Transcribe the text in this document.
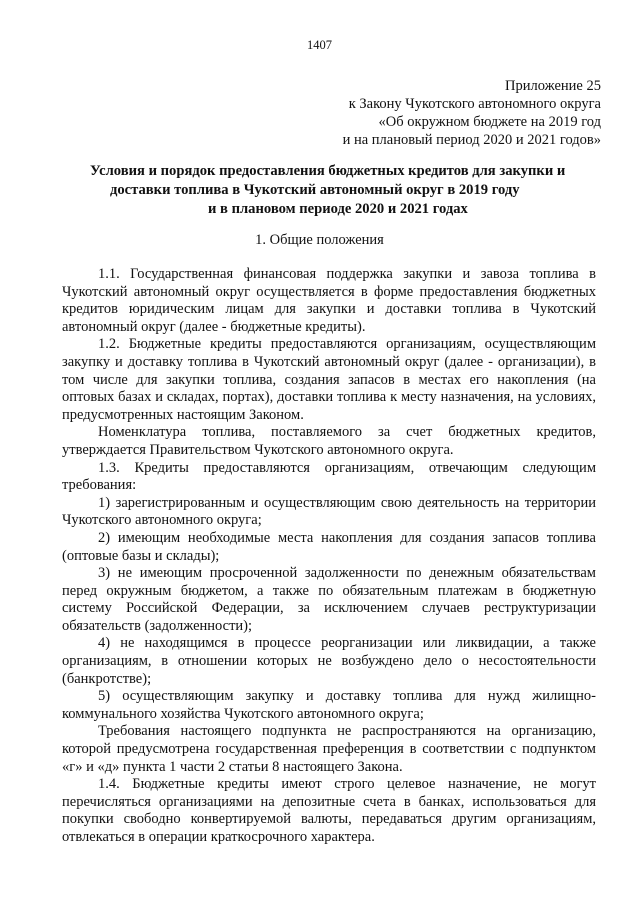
1407
Приложение 25
к Закону Чукотского автономного округа
«Об окружном бюджете на 2019 год
и на плановый период 2020 и 2021 годов»
Условия и порядок предоставления бюджетных кредитов для закупки и
доставки топлива в Чукотский автономный округ в 2019 году
и в плановом периоде 2020 и 2021 годах
1. Общие положения

1.1. Государственная финансовая поддержка закупки и завоза топлива в Чукотский автономный округ осуществляется в форме предоставления бюджетных кредитов юридическим лицам для закупки и доставки топлива в Чукотский автономный округ (далее - бюджетные кредиты).

1.2. Бюджетные кредиты предоставляются организациям, осуществляющим закупку и доставку топлива в Чукотский автономный округ (далее - организации), в том числе для закупки топлива, создания запасов в местах его накопления (на оптовых базах и складах, портах), доставки топлива к месту назначения, на условиях, предусмотренных настоящим Законом.

Номенклатура топлива, поставляемого за счет бюджетных кредитов, утверждается Правительством Чукотского автономного округа.

1.3. Кредиты предоставляются организациям, отвечающим следующим требования:

1) зарегистрированным и осуществляющим свою деятельность на территории Чукотского автономного округа;

2) имеющим необходимые места накопления для создания запасов топлива (оптовые базы и склады);

3) не имеющим просроченной задолженности по денежным обязательствам перед окружным бюджетом, а также по обязательным платежам в бюджетную систему Российской Федерации, за исключением случаев реструктуризации обязательств (задолженности);

4) не находящимся в процессе реорганизации или ликвидации, а также организациям, в отношении которых не возбуждено дело о несостоятельности (банкротстве);

5) осуществляющим закупку и доставку топлива для нужд жилищно-коммунального хозяйства Чукотского автономного округа;

Требования настоящего подпункта не распространяются на организацию, которой предусмотрена государственная преференция в соответствии с подпунктом «г» и «д» пункта 1 части 2 статьи 8 настоящего Закона.

1.4. Бюджетные кредиты имеют строго целевое назначение, не могут перечисляться организациями на депозитные счета в банках, использоваться для покупки свободно конвертируемой валюты, передаваться другим организациям, отвлекаться в операции краткосрочного характера.
